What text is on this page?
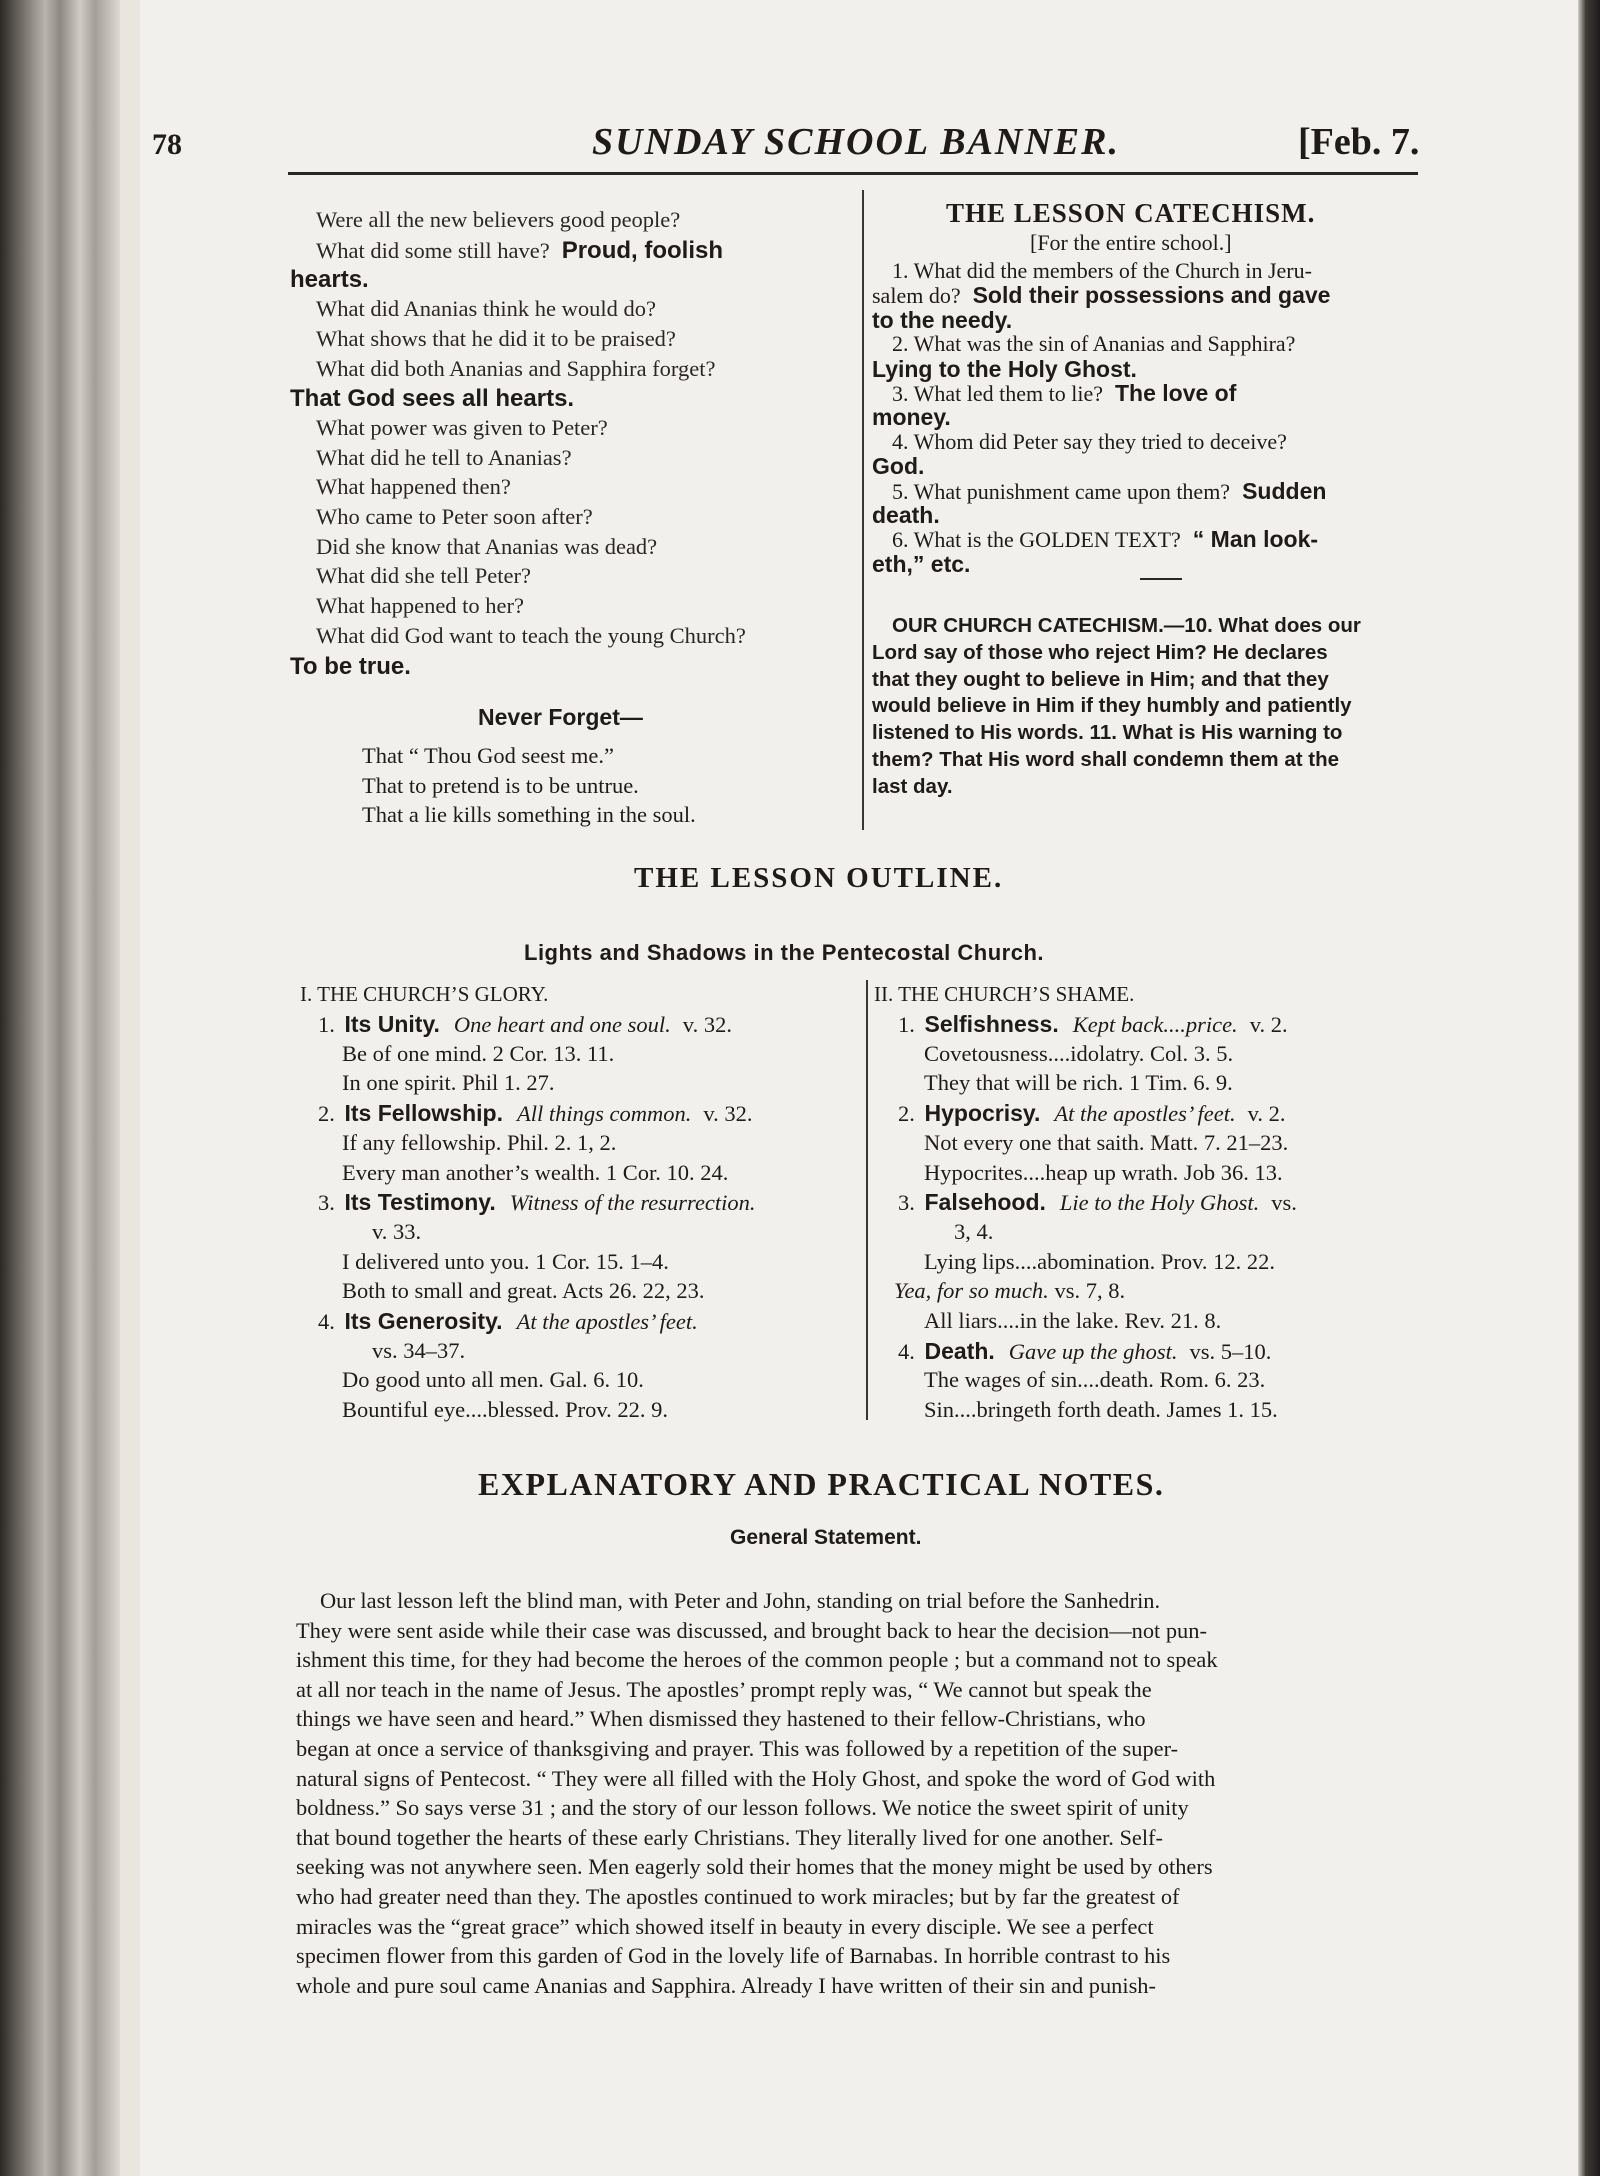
78	SUNDAY SCHOOL BANNER.	[Feb. 7.
Were all the new believers good people?
What did some still have? Proud, foolish
hearts.
What did Ananias think he would do?
What shows that he did it to be praised?
What did both Ananias and Sapphira forget?
That God sees all hearts.
What power was given to Peter?
What did he tell to Ananias?
What happened then?
Who came to Peter soon after?
Did she know that Ananias was dead?
What did she tell Peter?
What happened to her?
What did God want to teach the young Church?
To be true.
Never Forget—
That “ Thou God seest me.”
That to pretend is to be untrue.
That a lie kills something in the soul.
THE LESSON CATECHISM.
[For the entire school.]
1. What did the members of the Church in Jeru-
salem do? Sold their possessions and gave
to the needy.
2. What was the sin of Ananias and Sapphira?
Lying to the Holy Ghost.
3. What led them to lie? The love of
money.
4. Whom did Peter say they tried to deceive?
God.
5. What punishment came upon them? Sudden
death.
6. What is the GOLDEN TEXT? “ Man look-
eth,” etc.
OUR CHURCH CATECHISM.—10. What does our
Lord say of those who reject Him? He declares
that they ought to believe in Him; and that they
would believe in Him if they humbly and patiently
listened to His words. 11. What is His warning to
them? That His word shall condemn them at the
last day.
THE LESSON OUTLINE.
Lights and Shadows in the Pentecostal Church.
I. THE CHURCH’S GLORY.	II. THE CHURCH’S SHAME.
1. Its Unity. One heart and one soul. v. 32.
Be of one mind. 2 Cor. 13. 11.
In one spirit. Phil 1. 27.
2. Its Fellowship. All things common. v. 32.
If any fellowship. Phil. 2. 1, 2.
Every man another’s wealth. 1 Cor. 10. 24.
3. Its Testimony. Witness of the resurrection.
v. 33.
I delivered unto you. 1 Cor. 15. 1–4.
Both to small and great. Acts 26. 22, 23.
4. Its Generosity. At the apostles’ feet.
vs. 34–37.
Do good unto all men. Gal. 6. 10.
Bountiful eye....blessed. Prov. 22. 9.
1. Selfishness. Kept back....price. v. 2.
Covetousness....idolatry. Col. 3. 5.
They that will be rich. 1 Tim. 6. 9.
2. Hypocrisy. At the apostles’ feet. v. 2.
Not every one that saith. Matt. 7. 21–23.
Hypocrites....heap up wrath. Job 36. 13.
3. Falsehood. Lie to the Holy Ghost. vs.
3, 4.
Lying lips....abomination. Prov. 12. 22.
Yea, for so much. vs. 7, 8.
All liars....in the lake. Rev. 21. 8.
4. Death. Gave up the ghost. vs. 5–10.
The wages of sin....death. Rom. 6. 23.
Sin....bringeth forth death. James 1. 15.
EXPLANATORY AND PRACTICAL NOTES.
General Statement.
Our last lesson left the blind man, with Peter and John, standing on trial before the Sanhedrin.
They were sent aside while their case was discussed, and brought back to hear the decision—not pun-
ishment this time, for they had become the heroes of the common people ; but a command not to speak
at all nor teach in the name of Jesus. The apostles’ prompt reply was, “ We cannot but speak the
things we have seen and heard.” When dismissed they hastened to their fellow-Christians, who
began at once a service of thanksgiving and prayer. This was followed by a repetition of the super-
natural signs of Pentecost. “ They were all filled with the Holy Ghost, and spoke the word of God with
boldness.” So says verse 31 ; and the story of our lesson follows. We notice the sweet spirit of unity
that bound together the hearts of these early Christians. They literally lived for one another. Self-
seeking was not anywhere seen. Men eagerly sold their homes that the money might be used by others
who had greater need than they. The apostles continued to work miracles; but by far the greatest of
miracles was the “great grace” which showed itself in beauty in every disciple. We see a perfect
specimen flower from this garden of God in the lovely life of Barnabas. In horrible contrast to his
whole and pure soul came Ananias and Sapphira. Already I have written of their sin and punish-
